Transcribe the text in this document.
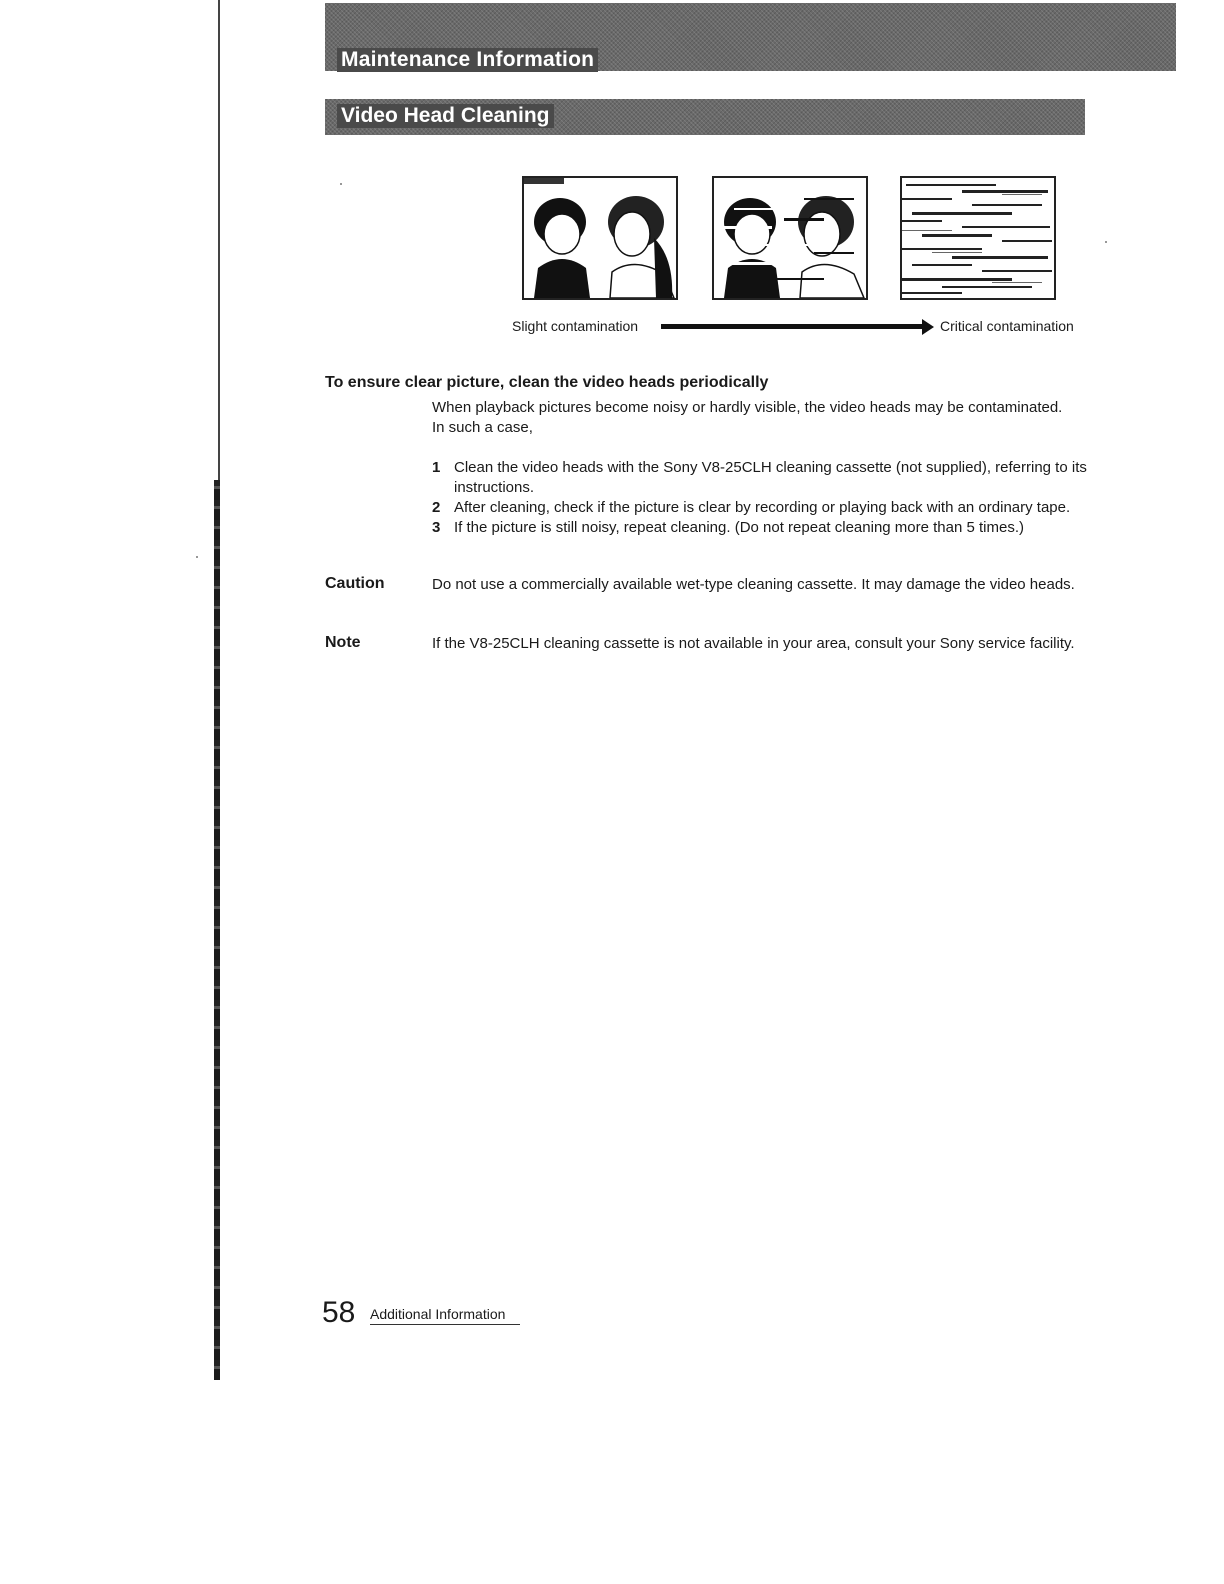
Maintenance Information
Video Head Cleaning
Slight contamination	Critical contamination
To ensure clear picture, clean the video heads periodically
When playback pictures become noisy or hardly visible, the video heads may be contaminated.
In such a case,
1 Clean the video heads with the Sony V8-25CLH cleaning cassette (not supplied), referring to its instructions.
2 After cleaning, check if the picture is clear by recording or playing back with an ordinary tape.
3 If the picture is still noisy, repeat cleaning. (Do not repeat cleaning more than 5 times.)
Caution	Do not use a commercially available wet-type cleaning cassette. It may damage the video heads.
Note	If the V8-25CLH cleaning cassette is not available in your area, consult your Sony service facility.
58 Additional Information
